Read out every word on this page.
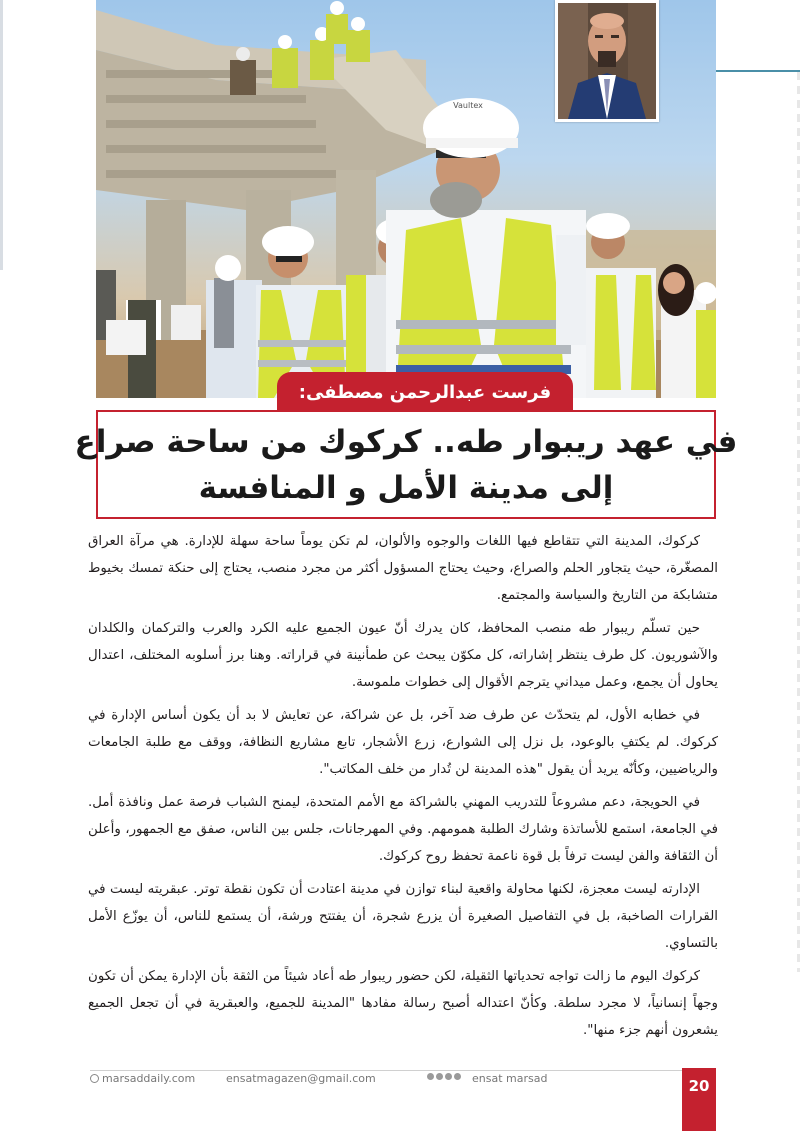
Vaultex
فرست عبدالرحمن مصطفى:
في عهد ريبوار طه.. كركوك من ساحة صراع
إلى مدينة الأمل و المنافسة

كركوك، المدينة التي تتقاطع فيها اللغات والوجوه والألوان، لم تكن يوماً ساحة سهلة للإدارة. هي مرآة العراق المصغّرة، حيث يتجاور الحلم والصراع، وحيث يحتاج المسؤول أكثر من مجرد منصب، يحتاج إلى حنكة تمسك بخيوط متشابكة من التاريخ والسياسة والمجتمع.

حين تسلّم ريبوار طه منصب المحافظ، كان يدرك أنّ عيون الجميع عليه الكرد والعرب والتركمان والكلدان والآشوريون. كل طرف ينتظر إشاراته، كل مكوّن يبحث عن طمأنينة في قراراته. وهنا برز أسلوبه المختلف، اعتدال يحاول أن يجمع، وعمل ميداني يترجم الأقوال إلى خطوات ملموسة.

في خطابه الأول، لم يتحدّث عن طرف ضد آخر، بل عن شراكة، عن تعايش لا بد أن يكون أساس الإدارة في كركوك. لم يكتفِ بالوعود، بل نزل إلى الشوارع، زرع الأشجار، تابع مشاريع النظافة، ووقف مع طلبة الجامعات والرياضيين، وكأنّه يريد أن يقول "هذه المدينة لن تُدار من خلف المكاتب".

في الحويجة، دعم مشروعاً للتدريب المهني بالشراكة مع الأمم المتحدة، ليمنح الشباب فرصة عمل ونافذة أمل. في الجامعة، استمع للأساتذة وشارك الطلبة همومهم. وفي المهرجانات، جلس بين الناس، صفق مع الجمهور، وأعلن أن الثقافة والفن ليست ترفاً بل قوة ناعمة تحفظ روح كركوك.

الإدارته ليست معجزة، لكنها محاولة واقعية لبناء توازن في مدينة اعتادت أن تكون نقطة توتر. عبقريته ليست في القرارات الصاخبة، بل في التفاصيل الصغيرة أن يزرع شجرة، أن يفتتح ورشة، أن يستمع للناس، أن يوزّع الأمل بالتساوي.

كركوك اليوم ما زالت تواجه تحدياتها الثقيلة، لكن حضور ريبوار طه أعاد شيئاً من الثقة بأن الإدارة يمكن أن تكون وجهاً إنسانياً، لا مجرد سلطة. وكأنّ اعتداله أصبح رسالة مفادها "المدينة للجميع، والعبقرية في أن تجعل الجميع يشعرون أنهم جزء منها".

marsaddaily.com	ensatmagazen@gmail.com	ensat marsad	20
